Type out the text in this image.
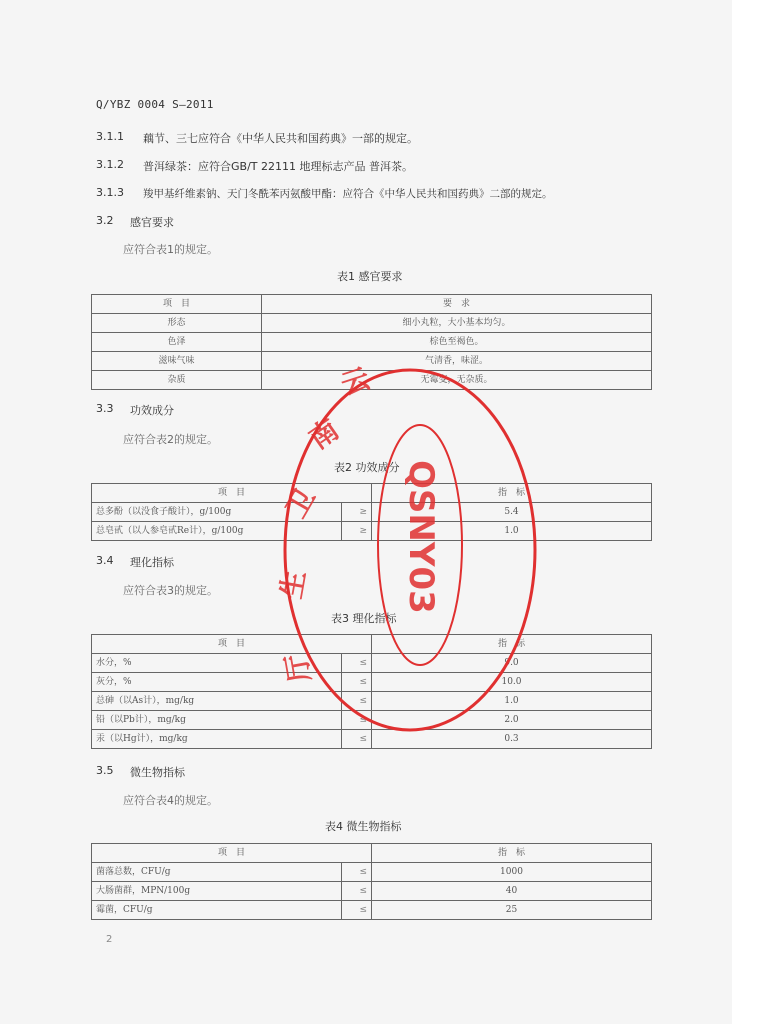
Q/YBZ 0004 S—2011
3.1.1 藕节、三七应符合《中华人民共和国药典》一部的规定。
3.1.2 普洱绿茶：应符合GB/T 22111 地理标志产品 普洱茶。
3.1.3 羧甲基纤维素钠、天门冬酰苯丙氨酸甲酯：应符合《中华人民共和国药典》二部的规定。
3.2 感官要求
应符合表1的规定。
表1 感官要求
项　目	要　求
形态	细小丸粒，大小基本均匀。
色泽	棕色至褐色。
滋味气味	气清香，味涩。
杂质	无霉变，无杂质。
3.3 功效成分
应符合表2的规定。
表2 功效成分
项　目		指　标
总多酚（以没食子酸计），g/100g	≥	5.4
总皂甙（以人参皂甙Re计），g/100g	≥	1.0
3.4 理化指标
应符合表3的规定。
表3 理化指标
项　目		指　标
水分，%	≤	9.0
灰分，%	≤	10.0
总砷（以As计），mg/kg	≤	1.0
铅（以Pb计），mg/kg	≤	2.0
汞（以Hg计），mg/kg	≤	0.3
3.5 微生物指标
应符合表4的规定。
表4 微生物指标
项　目		指　标
菌落总数，CFU/g	≤	1000
大肠菌群，MPN/100g	≤	40
霉菌，CFU/g	≤	25
2
云
南
卫
生
厅
QSNY03
